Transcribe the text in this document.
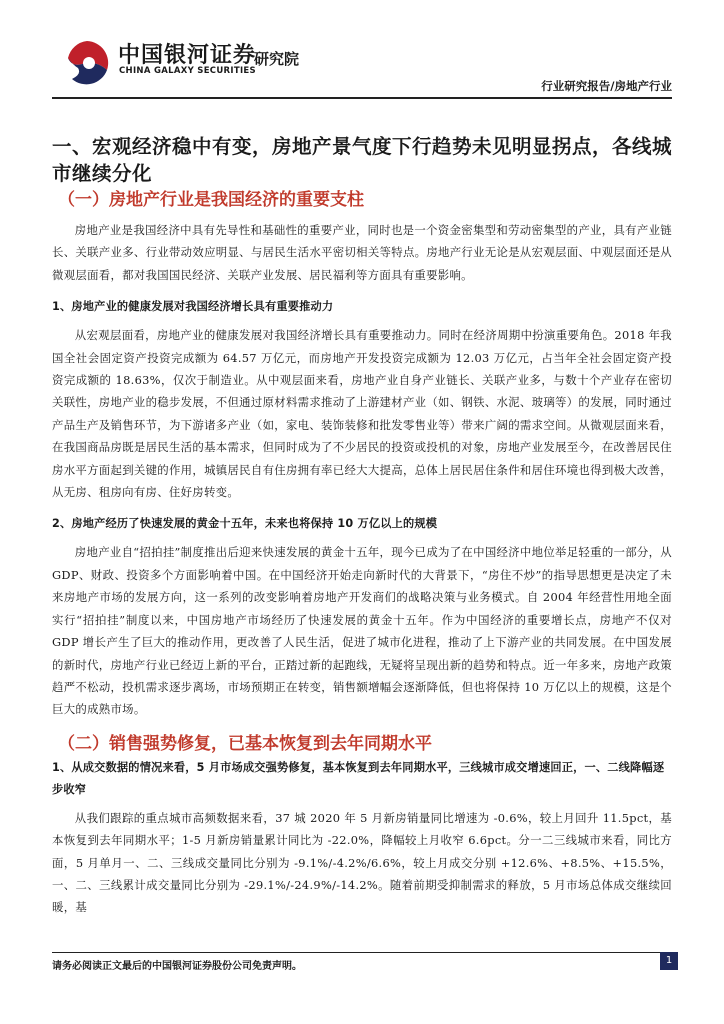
中国银河证券
CHINA GALAXY SECURITIES
研究院
行业研究报告/房地产行业
一、宏观经济稳中有变，房地产景气度下行趋势未见明显拐点，各线城市继续分化
（一）房地产行业是我国经济的重要支柱

房地产业是我国经济中具有先导性和基础性的重要产业，同时也是一个资金密集型和劳动密集型的产业，具有产业链长、关联产业多、行业带动效应明显、与居民生活水平密切相关等特点。房地产行业无论是从宏观层面、中观层面还是从微观层面看，都对我国国民经济、关联产业发展、居民福利等方面具有重要影响。

1、房地产业的健康发展对我国经济增长具有重要推动力

从宏观层面看，房地产业的健康发展对我国经济增长具有重要推动力。同时在经济周期中扮演重要角色。2018 年我国全社会固定资产投资完成额为 64.57 万亿元，而房地产开发投资完成额为 12.03 万亿元，占当年全社会固定资产投资完成额的 18.63%，仅次于制造业。从中观层面来看，房地产业自身产业链长、关联产业多，与数十个产业存在密切关联性，房地产业的稳步发展，不但通过原材料需求推动了上游建材产业（如、钢铁、水泥、玻璃等）的发展，同时通过产品生产及销售环节，为下游诸多产业（如，家电、装饰装修和批发零售业等）带来广阔的需求空间。从微观层面来看，在我国商品房既是居民生活的基本需求，但同时成为了不少居民的投资或投机的对象，房地产业发展至今，在改善居民住房水平方面起到关键的作用，城镇居民自有住房拥有率已经大大提高，总体上居民居住条件和居住环境也得到极大改善，从无房、租房向有房、住好房转变。

2、房地产经历了快速发展的黄金十五年，未来也将保持 10 万亿以上的规模

房地产业自“招拍挂”制度推出后迎来快速发展的黄金十五年，现今已成为了在中国经济中地位举足轻重的一部分，从 GDP、财政、投资多个方面影响着中国。在中国经济开始走向新时代的大背景下，“房住不炒”的指导思想更是决定了未来房地产市场的发展方向，这一系列的改变影响着房地产开发商们的战略决策与业务模式。自 2004 年经营性用地全面实行“招拍挂”制度以来，中国房地产市场经历了快速发展的黄金十五年。作为中国经济的重要增长点，房地产不仅对 GDP 增长产生了巨大的推动作用，更改善了人民生活，促进了城市化进程，推动了上下游产业的共同发展。在中国发展的新时代，房地产行业已经迈上新的平台，正踏过新的起跑线，无疑将呈现出新的趋势和特点。近一年多来，房地产政策趋严不松动，投机需求逐步离场，市场预期正在转变，销售额增幅会逐渐降低，但也将保持 10 万亿以上的规模，这是个巨大的成熟市场。

（二）销售强势修复，已基本恢复到去年同期水平
1、从成交数据的情况来看，5 月市场成交强势修复，基本恢复到去年同期水平，三线城市成交增速回正，一、二线降幅逐步收窄

从我们跟踪的重点城市高频数据来看，37 城 2020 年 5 月新房销量同比增速为 -0.6%，较上月回升 11.5pct，基本恢复到去年同期水平；1-5 月新房销量累计同比为 -22.0%，降幅较上月收窄 6.6pct。分一二三线城市来看，同比方面，5 月单月一、二、三线成交量同比分别为 -9.1%/-4.2%/6.6%，较上月成交分别 +12.6%、+8.5%、+15.5%，一、二、三线累计成交量同比分别为 -29.1%/-24.9%/-14.2%。随着前期受抑制需求的释放，5 月市场总体成交继续回暖，基

请务必阅读正文最后的中国银河证券股份公司免责声明。
1
